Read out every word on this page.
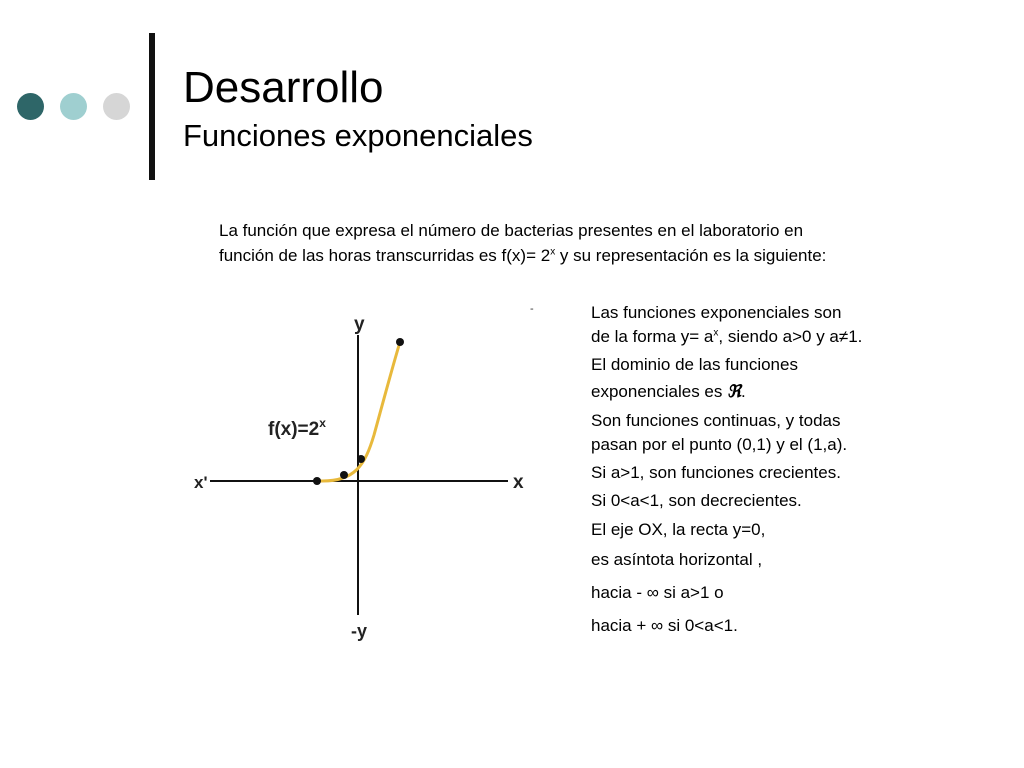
Desarrollo
Funciones exponenciales
La función que expresa el número de bacterias presentes en el laboratorio en
función de las horas transcurridas es $f(x)= 2^x$ y su representación es la siguiente:
y
-y
x
x'
$f(x)=2^x$
-	Las funciones exponenciales son
de la forma $y= a^x$, siendo a>0 y a≠1.
El dominio de las funciones
exponenciales es ℜ.
Son funciones continuas, y todas
pasan por el punto (0,1) y el (1,a).
Si a>1, son funciones crecientes.
Si 0<a<1, son decrecientes.
El eje OX, la recta y=0,
es asíntota horizontal ,
hacia - ∞ si a>1 o
hacia + ∞ si 0<a<1.
